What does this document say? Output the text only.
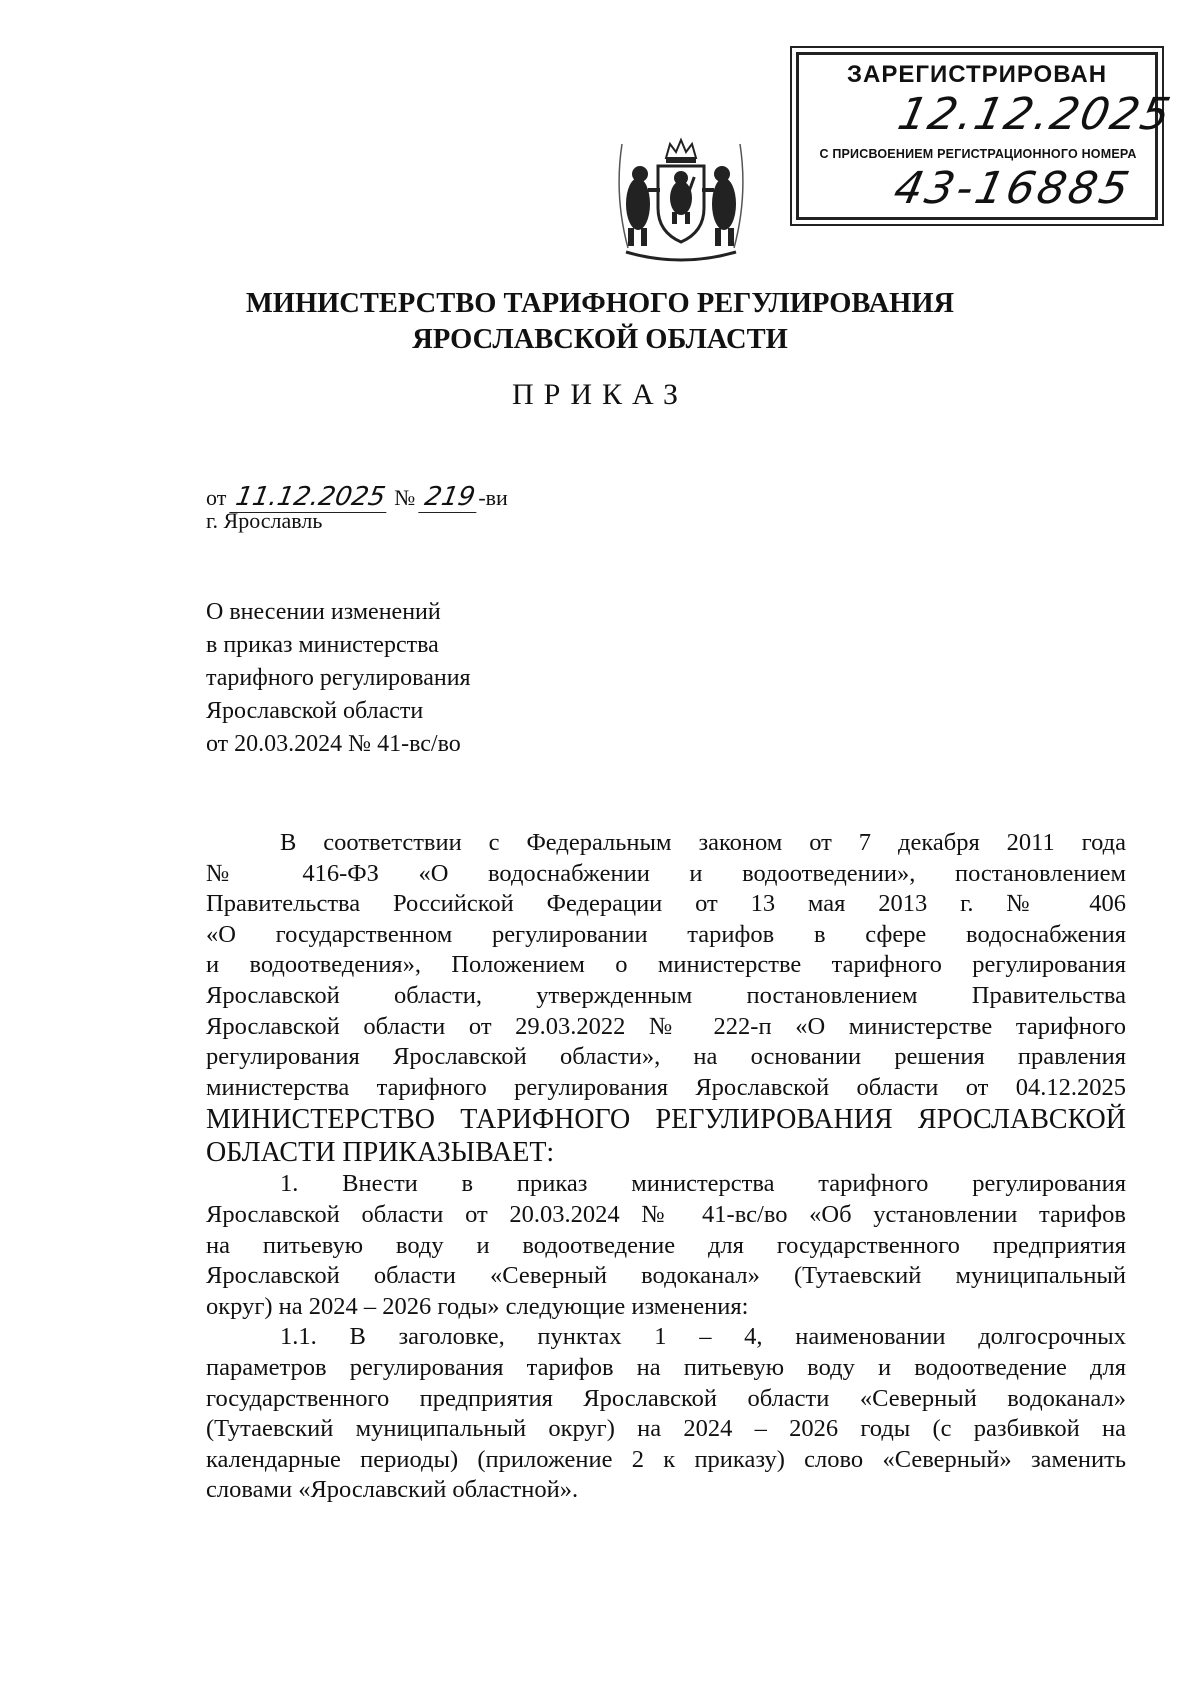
ЗАРЕГИСТРИРОВАН
12.12.2025
С ПРИСВОЕНИЕМ РЕГИСТРАЦИОННОГО НОМЕРА
43-16885
МИНИСТЕРСТВО ТАРИФНОГО РЕГУЛИРОВАНИЯ
ЯРОСЛАВСКОЙ ОБЛАСТИ
ПРИКАЗ
от 11.12.2025 № 219-ви
г. Ярославль
О внесении изменений
в приказ министерства
тарифного регулирования
Ярославской области
от 20.03.2024 № 41-вс/во
В соответствии с Федеральным законом от 7 декабря 2011 года
№ 416-ФЗ «О водоснабжении и водоотведении», постановлением
Правительства Российской Федерации от 13 мая 2013 г. № 406
«О государственном регулировании тарифов в сфере водоснабжения
и водоотведения», Положением о министерстве тарифного регулирования
Ярославской области, утвержденным постановлением Правительства
Ярославской области от 29.03.2022 № 222-п «О министерстве тарифного
регулирования Ярославской области», на основании решения правления
министерства тарифного регулирования Ярославской области от 04.12.2025
МИНИСТЕРСТВО ТАРИФНОГО РЕГУЛИРОВАНИЯ ЯРОСЛАВСКОЙ
ОБЛАСТИ ПРИКАЗЫВАЕТ:
1. Внести в приказ министерства тарифного регулирования
Ярославской области от 20.03.2024 № 41-вс/во «Об установлении тарифов
на питьевую воду и водоотведение для государственного предприятия
Ярославской области «Северный водоканал» (Тутаевский муниципальный
округ) на 2024 – 2026 годы» следующие изменения:
1.1. В заголовке, пунктах 1 – 4, наименовании долгосрочных
параметров регулирования тарифов на питьевую воду и водоотведение для
государственного предприятия Ярославской области «Северный водоканал»
(Тутаевский муниципальный округ) на 2024 – 2026 годы (с разбивкой на
календарные периоды) (приложение 2 к приказу) слово «Северный» заменить
словами «Ярославский областной».
